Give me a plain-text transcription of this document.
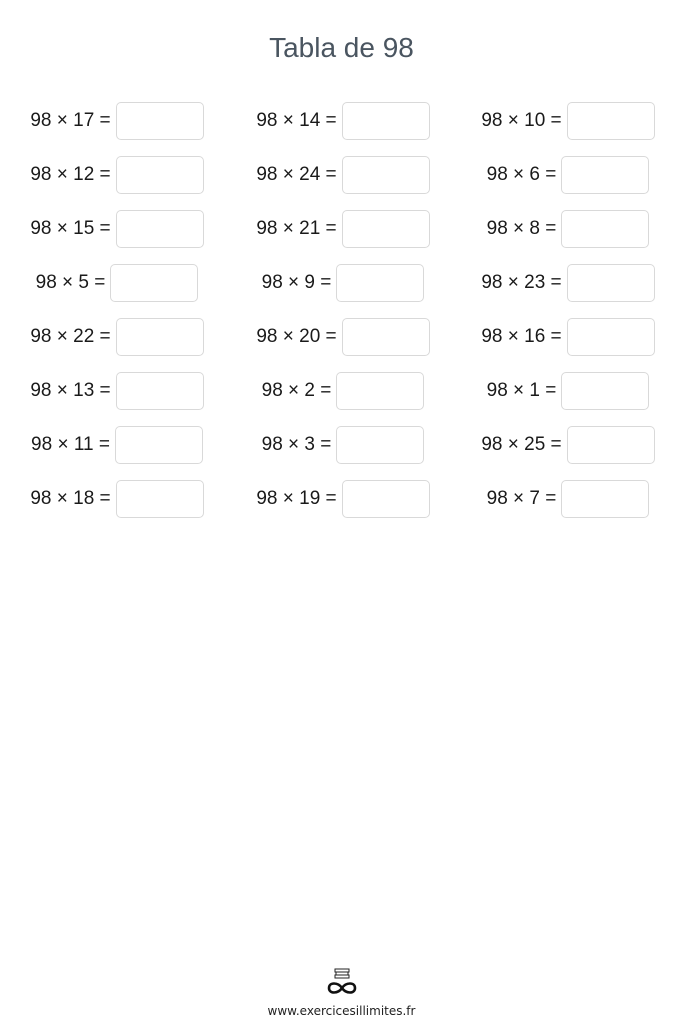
Tabla de 98
98 × 17 =	98 × 14 =	98 × 10 =
98 × 12 =	98 × 24 =	98 × 6 =
98 × 15 =	98 × 21 =	98 × 8 =
98 × 5 =	98 × 9 =	98 × 23 =
98 × 22 =	98 × 20 =	98 × 16 =
98 × 13 =	98 × 2 =	98 × 1 =
98 × 11 =	98 × 3 =	98 × 25 =
98 × 18 =	98 × 19 =	98 × 7 =
www.exercicesillimites.fr
